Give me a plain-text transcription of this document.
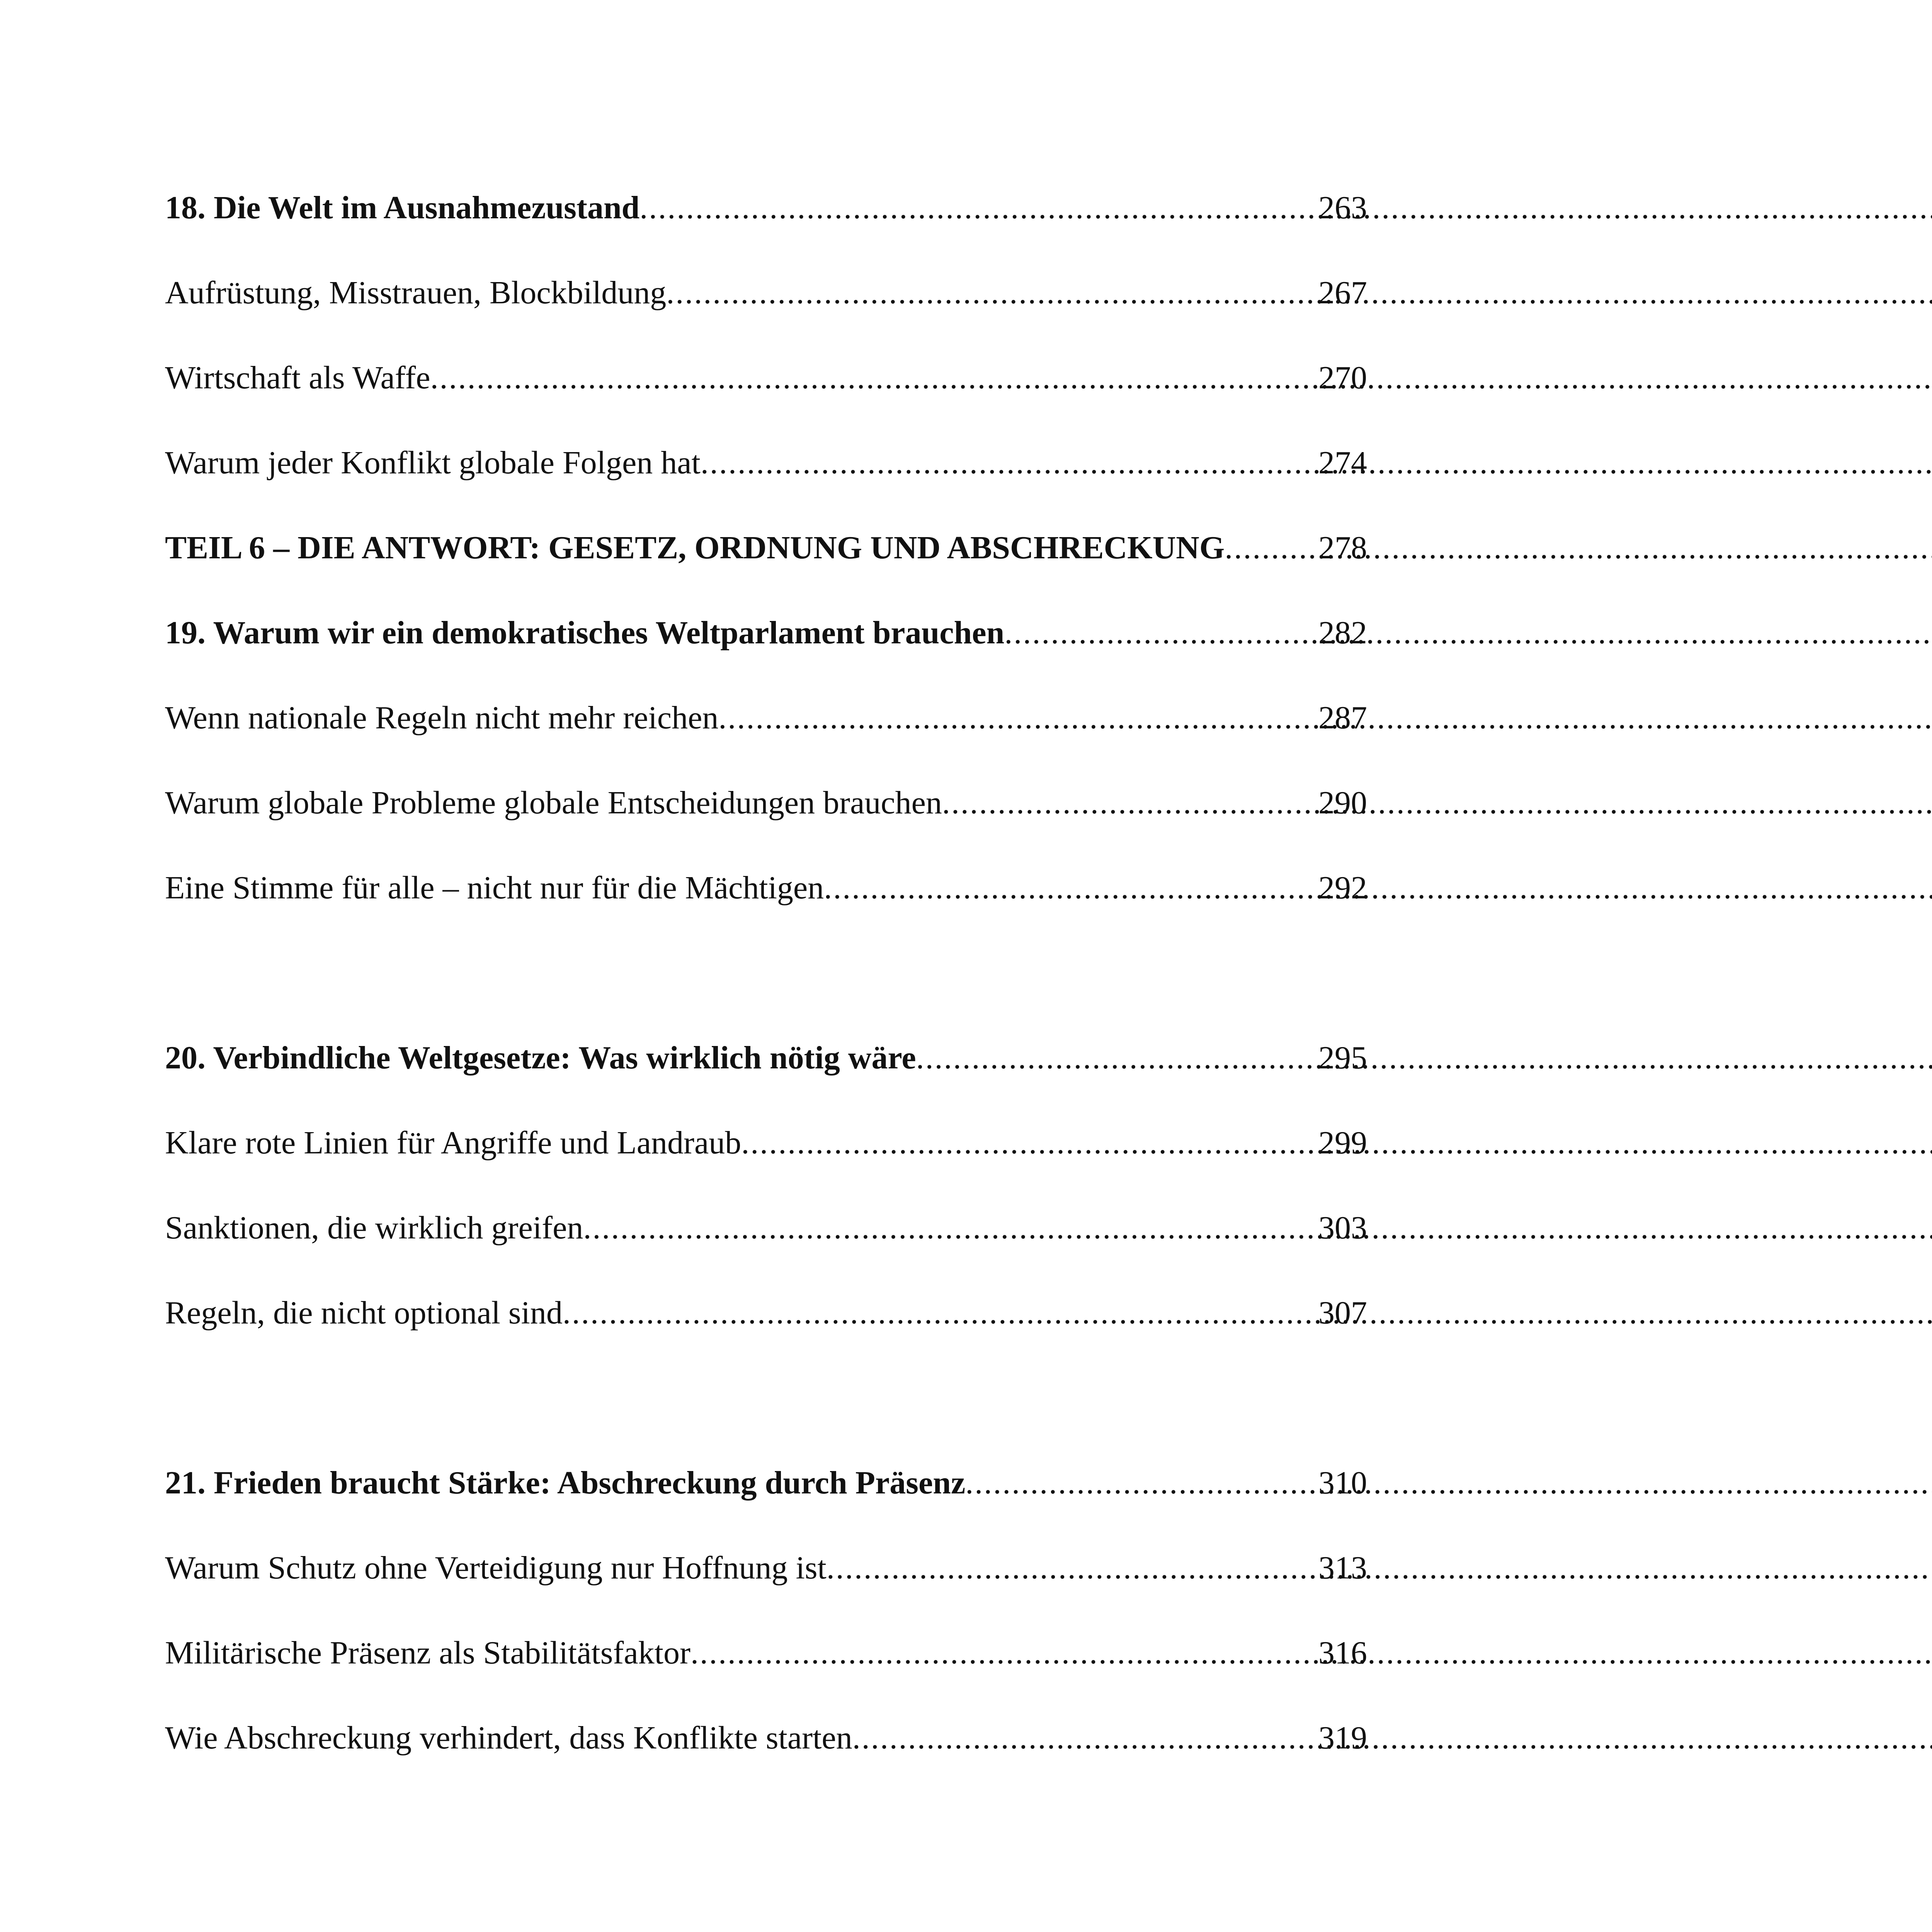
18. Die Welt im Ausnahmezustand .....	263
Aufrüstung, Misstrauen, Blockbildung .....	267
Wirtschaft als Waffe .....	270
Warum jeder Konflikt globale Folgen hat .....	274
TEIL 6 – DIE ANTWORT: GESETZ, ORDNUNG UND ABSCHRECKUNG .....	278
19. Warum wir ein demokratisches Weltparlament brauchen .....	282
Wenn nationale Regeln nicht mehr reichen .....	287
Warum globale Probleme globale Entscheidungen brauchen .....	290
Eine Stimme für alle – nicht nur für die Mächtigen .....	292
20. Verbindliche Weltgesetze: Was wirklich nötig wäre .....	295
Klare rote Linien für Angriffe und Landraub .....	299
Sanktionen, die wirklich greifen .....	303
Regeln, die nicht optional sind .....	307
21. Frieden braucht Stärke: Abschreckung durch Präsenz .....	310
Warum Schutz ohne Verteidigung nur Hoffnung ist .....	313
Militärische Präsenz als Stabilitätsfaktor .....	316
Wie Abschreckung verhindert, dass Konflikte starten .....	319
